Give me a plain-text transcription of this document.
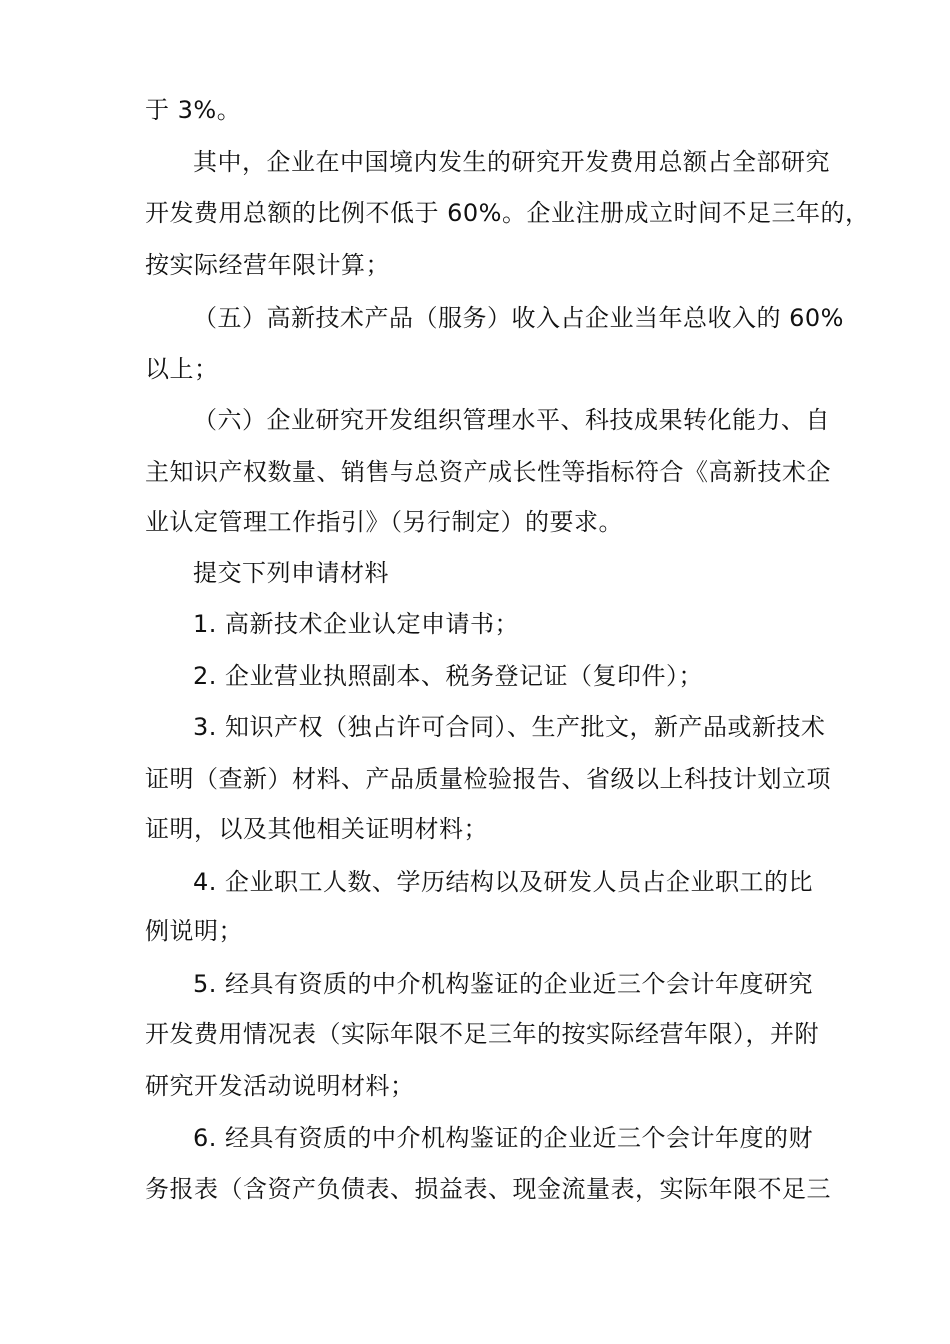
于 3%。
其中，企业在中国境内发生的研究开发费用总额占全部研究
开发费用总额的比例不低于 60%。企业注册成立时间不足三年的，
按实际经营年限计算；
（五）高新技术产品（服务）收入占企业当年总收入的 60%
以上；
（六）企业研究开发组织管理水平、科技成果转化能力、自
主知识产权数量、销售与总资产成长性等指标符合《高新技术企
业认定管理工作指引》（另行制定）的要求。
提交下列申请材料
1. 高新技术企业认定申请书；
2. 企业营业执照副本、税务登记证（复印件）；
3. 知识产权（独占许可合同）、生产批文，新产品或新技术
证明（查新）材料、产品质量检验报告、省级以上科技计划立项
证明，以及其他相关证明材料；
4. 企业职工人数、学历结构以及研发人员占企业职工的比
例说明；
5. 经具有资质的中介机构鉴证的企业近三个会计年度研究
开发费用情况表（实际年限不足三年的按实际经营年限），并附
研究开发活动说明材料；
6. 经具有资质的中介机构鉴证的企业近三个会计年度的财
务报表（含资产负债表、损益表、现金流量表，实际年限不足三
